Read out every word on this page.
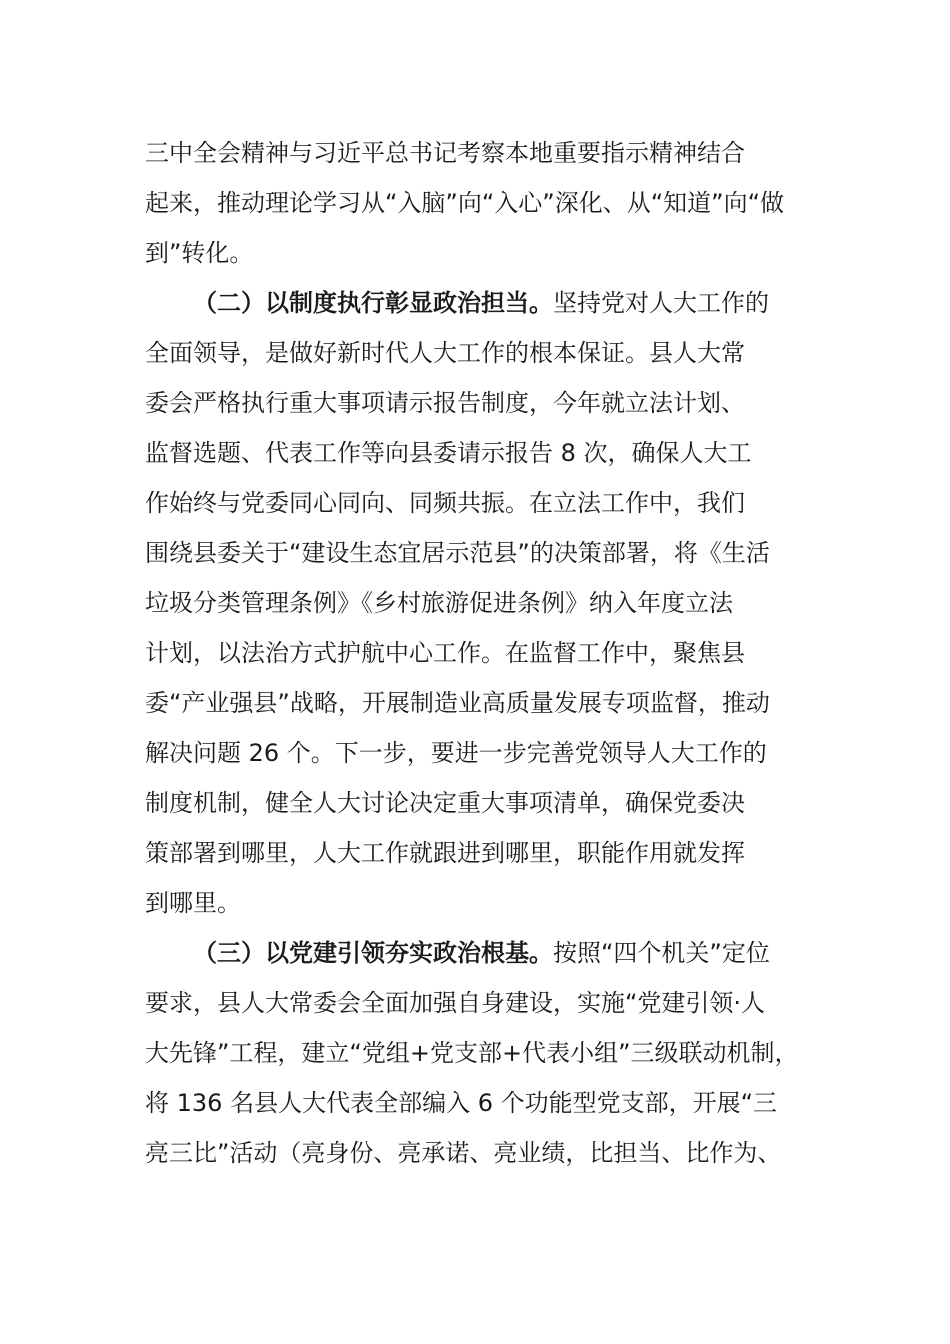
三中全会精神与习近平总书记考察本地重要指示精神结合
起来，推动理论学习从“入脑”向“入心”深化、从“知道”向“做
到”转化。
（二）以制度执行彰显政治担当。坚持党对人大工作的
全面领导，是做好新时代人大工作的根本保证。县人大常
委会严格执行重大事项请示报告制度，今年就立法计划、
监督选题、代表工作等向县委请示报告 8 次，确保人大工
作始终与党委同心同向、同频共振。在立法工作中，我们
围绕县委关于“建设生态宜居示范县”的决策部署，将《生活
垃圾分类管理条例》《乡村旅游促进条例》纳入年度立法
计划，以法治方式护航中心工作。在监督工作中，聚焦县
委“产业强县”战略，开展制造业高质量发展专项监督，推动
解决问题 26 个。下一步，要进一步完善党领导人大工作的
制度机制，健全人大讨论决定重大事项清单，确保党委决
策部署到哪里，人大工作就跟进到哪里，职能作用就发挥
到哪里。
（三）以党建引领夯实政治根基。按照“四个机关”定位
要求，县人大常委会全面加强自身建设，实施“党建引领·人
大先锋”工程，建立“党组+党支部+代表小组”三级联动机制，
将 136 名县人大代表全部编入 6 个功能型党支部，开展“三
亮三比”活动（亮身份、亮承诺、亮业绩，比担当、比作为、
